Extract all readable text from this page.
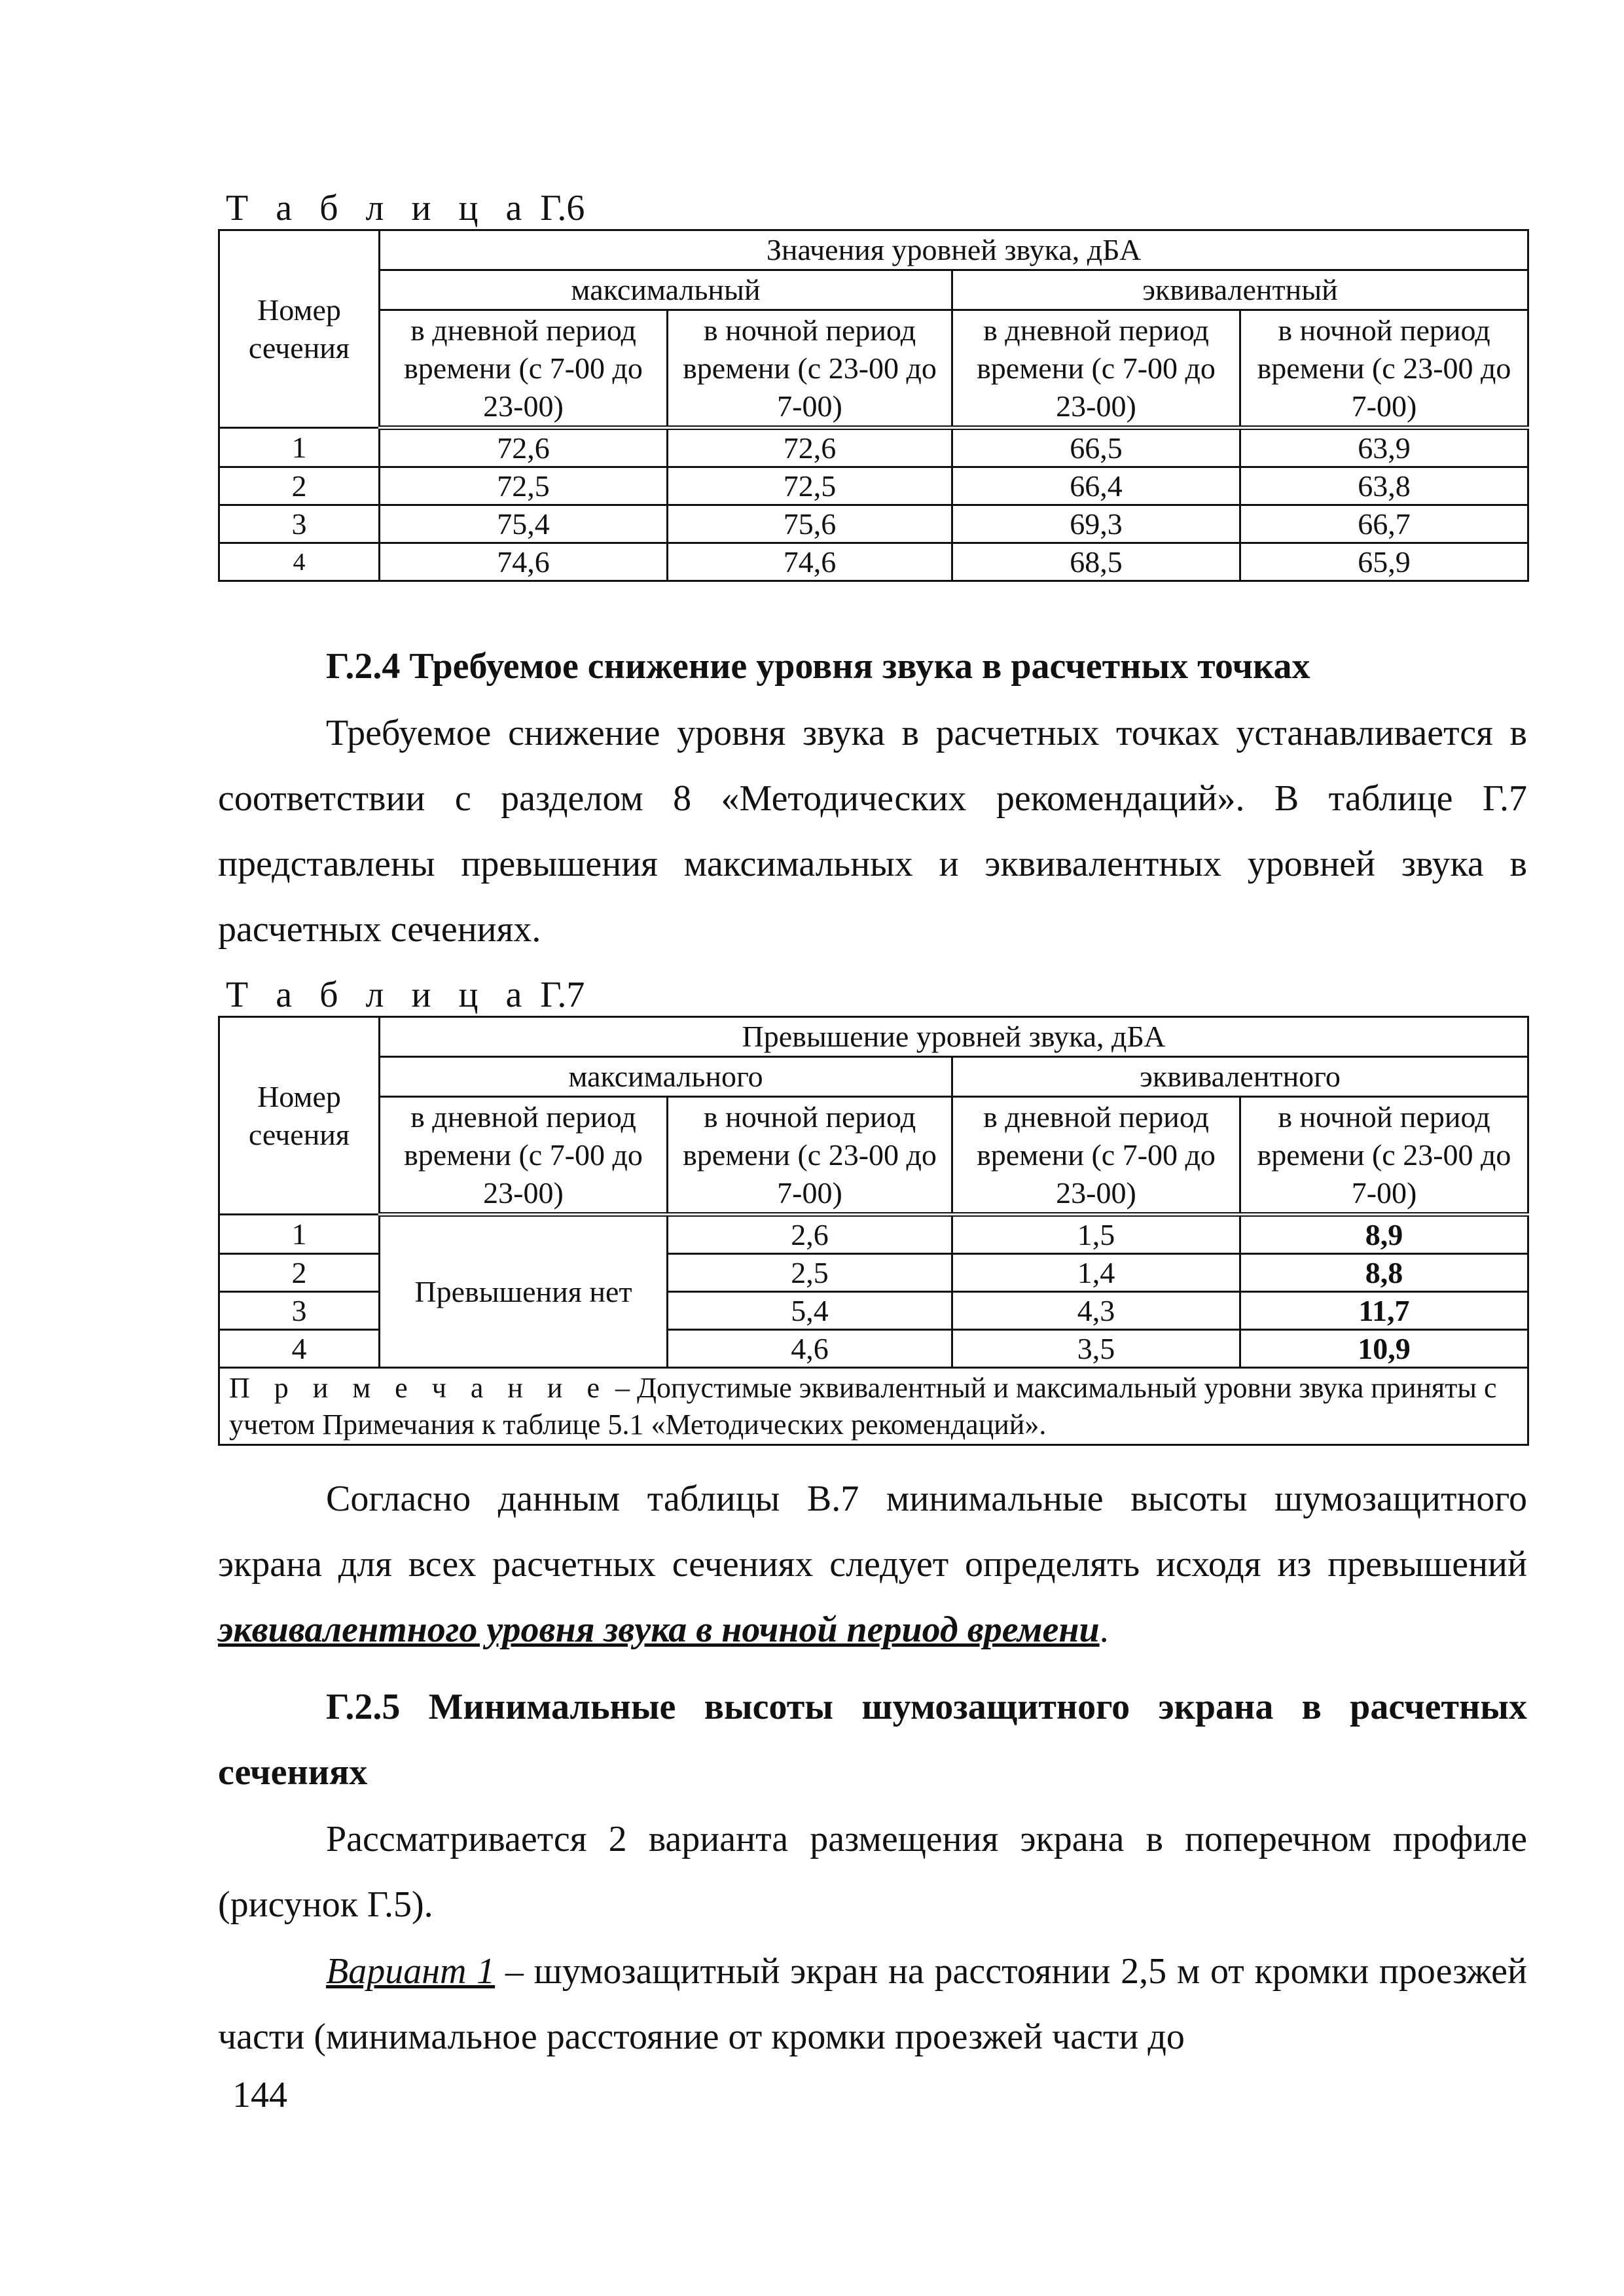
Т а б л и ц а Г.6
Номер сечения	Значения уровней звука, дБА			
	максимальный		эквивалентный	
	в дневной период времени (с 7-00 до 23-00)	в ночной период времени (с 23-00 до 7-00)	в дневной период времени (с 7-00 до 23-00)	в ночной период времени (с 23-00 до 7-00)
1	72,6	72,6	66,5	63,9
2	72,5	72,5	66,4	63,8
3	75,4	75,6	69,3	66,7
4	74,6	74,6	68,5	65,9
Г.2.4 Требуемое снижение уровня звука в расчетных точках
Требуемое снижение уровня звука в расчетных точках устанавливается в соответствии с разделом 8 «Методических рекомендаций». В таблице Г.7 представлены превышения максимальных и эквивалентных уровней звука в расчетных сечениях.
Т а б л и ц а Г.7
Номер сечения	Превышение уровней звука, дБА			
	максимального		эквивалентного	
	в дневной период времени (с 7-00 до 23-00)	в ночной период времени (с 23-00 до 7-00)	в дневной период времени (с 7-00 до 23-00)	в ночной период времени (с 23-00 до 7-00)
1	Превышения нет	2,6	1,5	8,9
2		2,5	1,4	8,8
3		5,4	4,3	11,7
4		4,6	3,5	10,9
П р и м е ч а н и е – Допустимые эквивалентный и максимальный уровни звука приняты с учетом Примечания к таблице 5.1 «Методических рекомендаций».				
Согласно данным таблицы В.7 минимальные высоты шумозащитного экрана для всех расчетных сечениях следует определять исходя из превышений эквивалентного уровня звука в ночной период времени.
Г.2.5 Минимальные высоты шумозащитного экрана в расчетных сечениях
Рассматривается 2 варианта размещения экрана в поперечном профиле (рисунок Г.5).
Вариант 1 – шумозащитный экран на расстоянии 2,5 м от кромки проезжей части (минимальное расстояние от кромки проезжей части до
144
